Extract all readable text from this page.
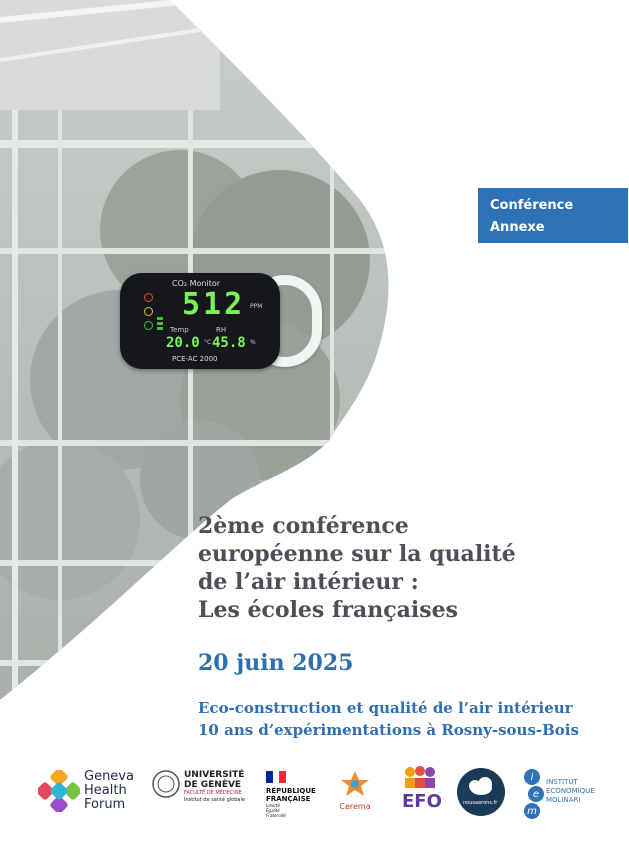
Conférence
Annexe
CO₂ Monitor
512 PPM
Temp	RH
20.0 °C 45.8 %
PCE-AC 2000
2ème conférence
européenne sur la qualité
de l’air intérieur :
Les écoles françaises
20 juin 2025
Eco-construction et qualité de l’air intérieur
10 ans d’expérimentations à Rosny-sous-Bois
Geneva
Health
Forum
UNIVERSITÉ
DE GENÈVE
FACULTÉ DE MÉDECINE
Institut de santé globale
RÉPUBLIQUE
FRANÇAISE
Liberté
Égalité
Fraternité
Cerema EFO	nousaerons.fr
i
e
m
INSTITUT
ÉCONOMIQUE
MOLINARI
